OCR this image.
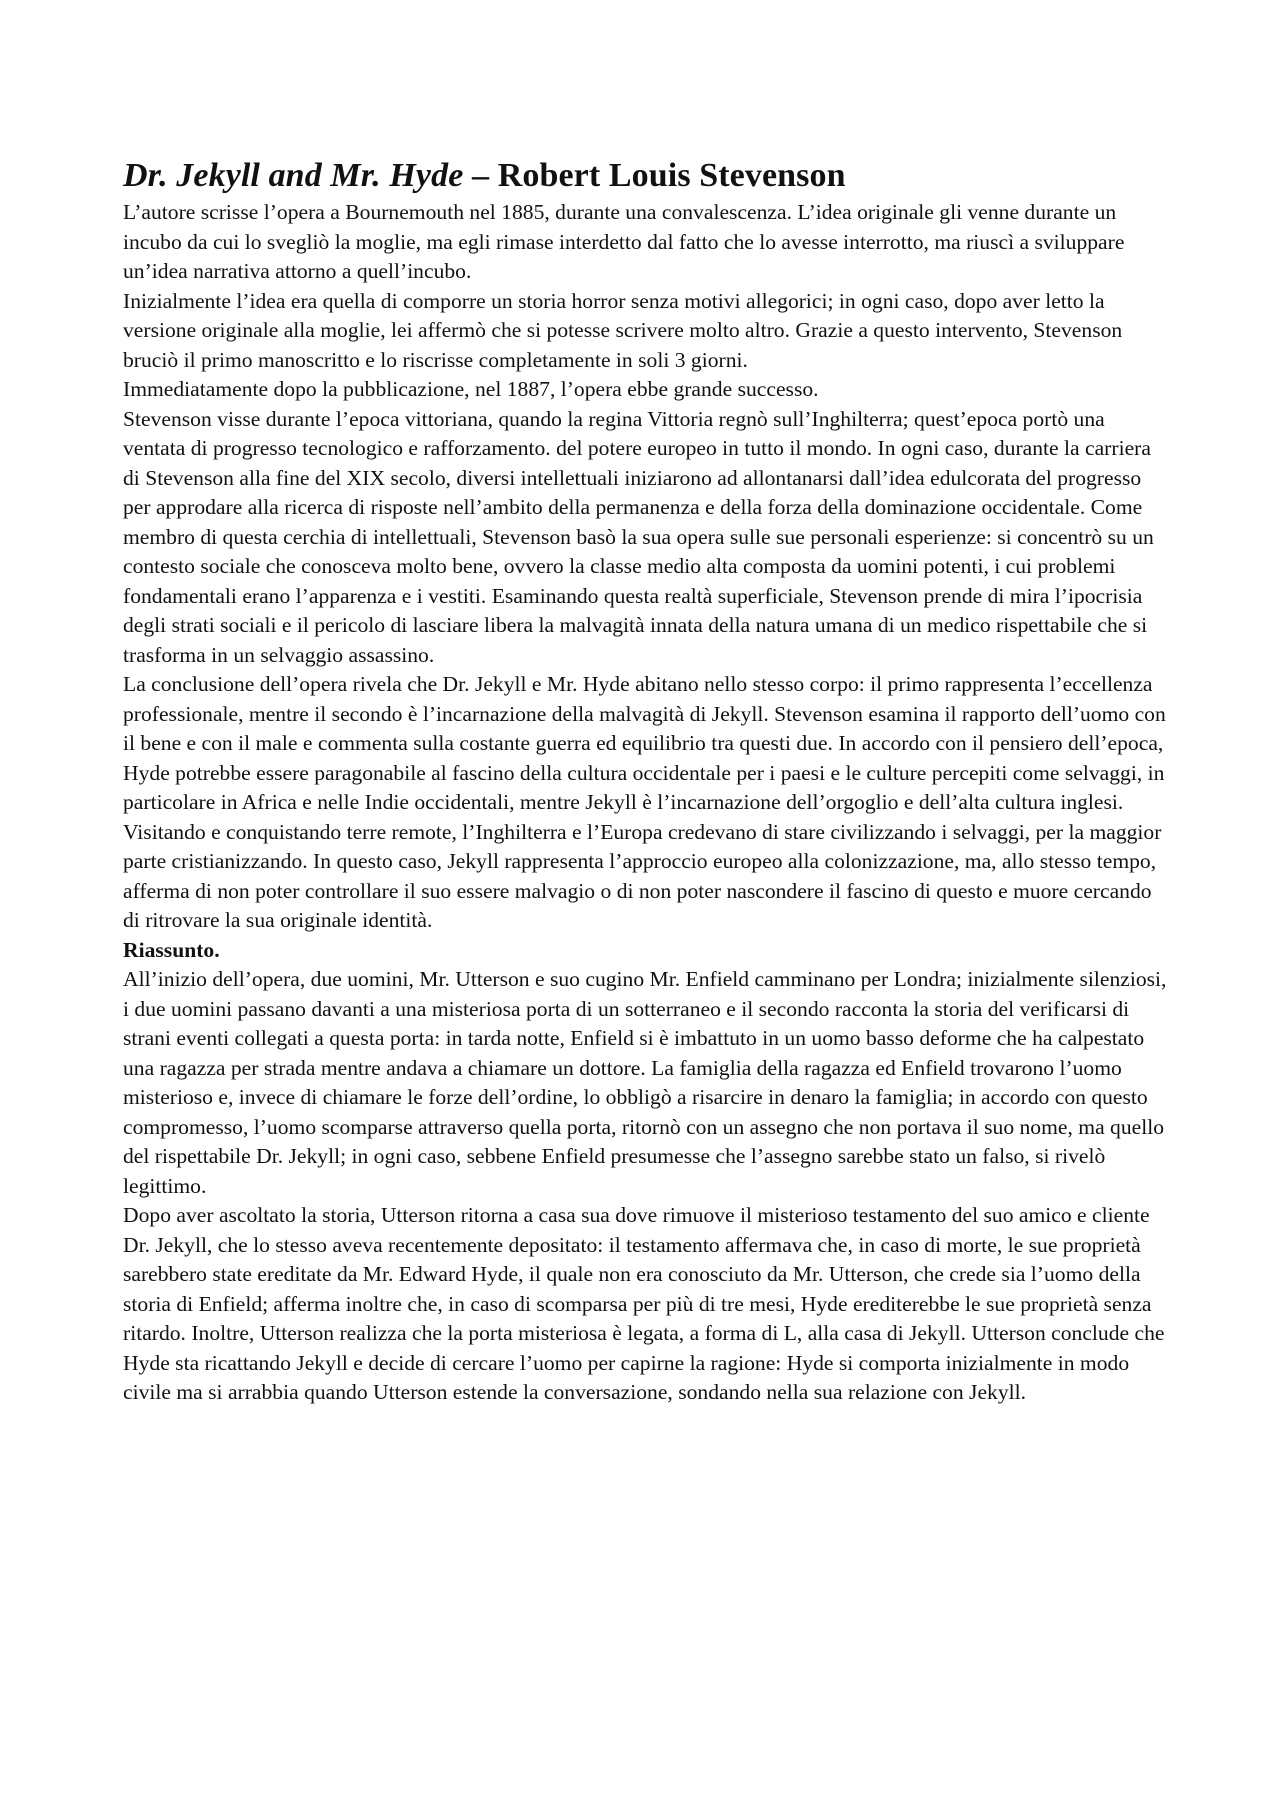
Dr. Jekyll and Mr. Hyde – Robert Louis Stevenson

L’autore scrisse l’opera a Bournemouth nel 1885, durante una convalescenza. L’idea originale gli venne durante un incubo da cui lo svegliò la moglie, ma egli rimase interdetto dal fatto che lo avesse interrotto, ma riuscì a sviluppare un’idea narrativa attorno a quell’incubo.

Inizialmente l’idea era quella di comporre un storia horror senza motivi allegorici; in ogni caso, dopo aver letto la versione originale alla moglie, lei affermò che si potesse scrivere molto altro. Grazie a questo intervento, Stevenson bruciò il primo manoscritto e lo riscrisse completamente in soli 3 giorni.

Immediatamente dopo la pubblicazione, nel 1887, l’opera ebbe grande successo.

Stevenson visse durante l’epoca vittoriana, quando la regina Vittoria regnò sull’Inghilterra; quest’epoca portò una ventata di progresso tecnologico e rafforzamento. del potere europeo in tutto il mondo. In ogni caso, durante la carriera di Stevenson alla fine del XIX secolo, diversi intellettuali iniziarono ad allontanarsi dall’idea edulcorata del progresso per approdare alla ricerca di risposte nell’ambito della permanenza e della forza della dominazione occidentale. Come membro di questa cerchia di intellettuali, Stevenson basò la sua opera sulle sue personali esperienze: si concentrò su un contesto sociale che conosceva molto bene, ovvero la classe medio alta composta da uomini potenti, i cui problemi fondamentali erano l’apparenza e i vestiti. Esaminando questa realtà superficiale, Stevenson prende di mira l’ipocrisia degli strati sociali e il pericolo di lasciare libera la malvagità innata della natura umana di un medico rispettabile che si trasforma in un selvaggio assassino.

La conclusione dell’opera rivela che Dr. Jekyll e Mr. Hyde abitano nello stesso corpo: il primo rappresenta l’eccellenza professionale, mentre il secondo è l’incarnazione della malvagità di Jekyll. Stevenson esamina il rapporto dell’uomo con il bene e con il male e commenta sulla costante guerra ed equilibrio tra questi due. In accordo con il pensiero dell’epoca, Hyde potrebbe essere paragonabile al fascino della cultura occidentale per i paesi e le culture percepiti come selvaggi, in particolare in Africa e nelle Indie occidentali, mentre Jekyll è l’incarnazione dell’orgoglio e dell’alta cultura inglesi. Visitando e conquistando terre remote, l’Inghilterra e l’Europa credevano di stare civilizzando i selvaggi, per la maggior parte cristianizzando. In questo caso, Jekyll rappresenta l’approccio europeo alla colonizzazione, ma, allo stesso tempo, afferma di non poter controllare il suo essere malvagio o di non poter nascondere il fascino di questo e muore cercando di ritrovare la sua originale identità.

Riassunto.

All’inizio dell’opera, due uomini, Mr. Utterson e suo cugino Mr. Enfield camminano per Londra; inizialmente silenziosi, i due uomini passano davanti a una misteriosa porta di un sotterraneo e il secondo racconta la storia del verificarsi di strani eventi collegati a questa porta: in tarda notte, Enfield si è imbattuto in un uomo basso deforme che ha calpestato una ragazza per strada mentre andava a chiamare un dottore. La famiglia della ragazza ed Enfield trovarono l’uomo misterioso e, invece di chiamare le forze dell’ordine, lo obbligò a risarcire in denaro la famiglia; in accordo con questo compromesso, l’uomo scomparse attraverso quella porta, ritornò con un assegno che non portava il suo nome, ma quello del rispettabile Dr. Jekyll; in ogni caso, sebbene Enfield presumesse che l’assegno sarebbe stato un falso, si rivelò legittimo.

Dopo aver ascoltato la storia, Utterson ritorna a casa sua dove rimuove il misterioso testamento del suo amico e cliente Dr. Jekyll, che lo stesso aveva recentemente depositato: il testamento affermava che, in caso di morte, le sue proprietà sarebbero state ereditate da Mr. Edward Hyde, il quale non era conosciuto da Mr. Utterson, che crede sia l’uomo della storia di Enfield; afferma inoltre che, in caso di scomparsa per più di tre mesi, Hyde erediterebbe le sue proprietà senza ritardo. Inoltre, Utterson realizza che la porta misteriosa è legata, a forma di L, alla casa di Jekyll. Utterson conclude che Hyde sta ricattando Jekyll e decide di cercare l’uomo per capirne la ragione: Hyde si comporta inizialmente in modo civile ma si arrabbia quando Utterson estende la conversazione, sondando nella sua relazione con Jekyll.
